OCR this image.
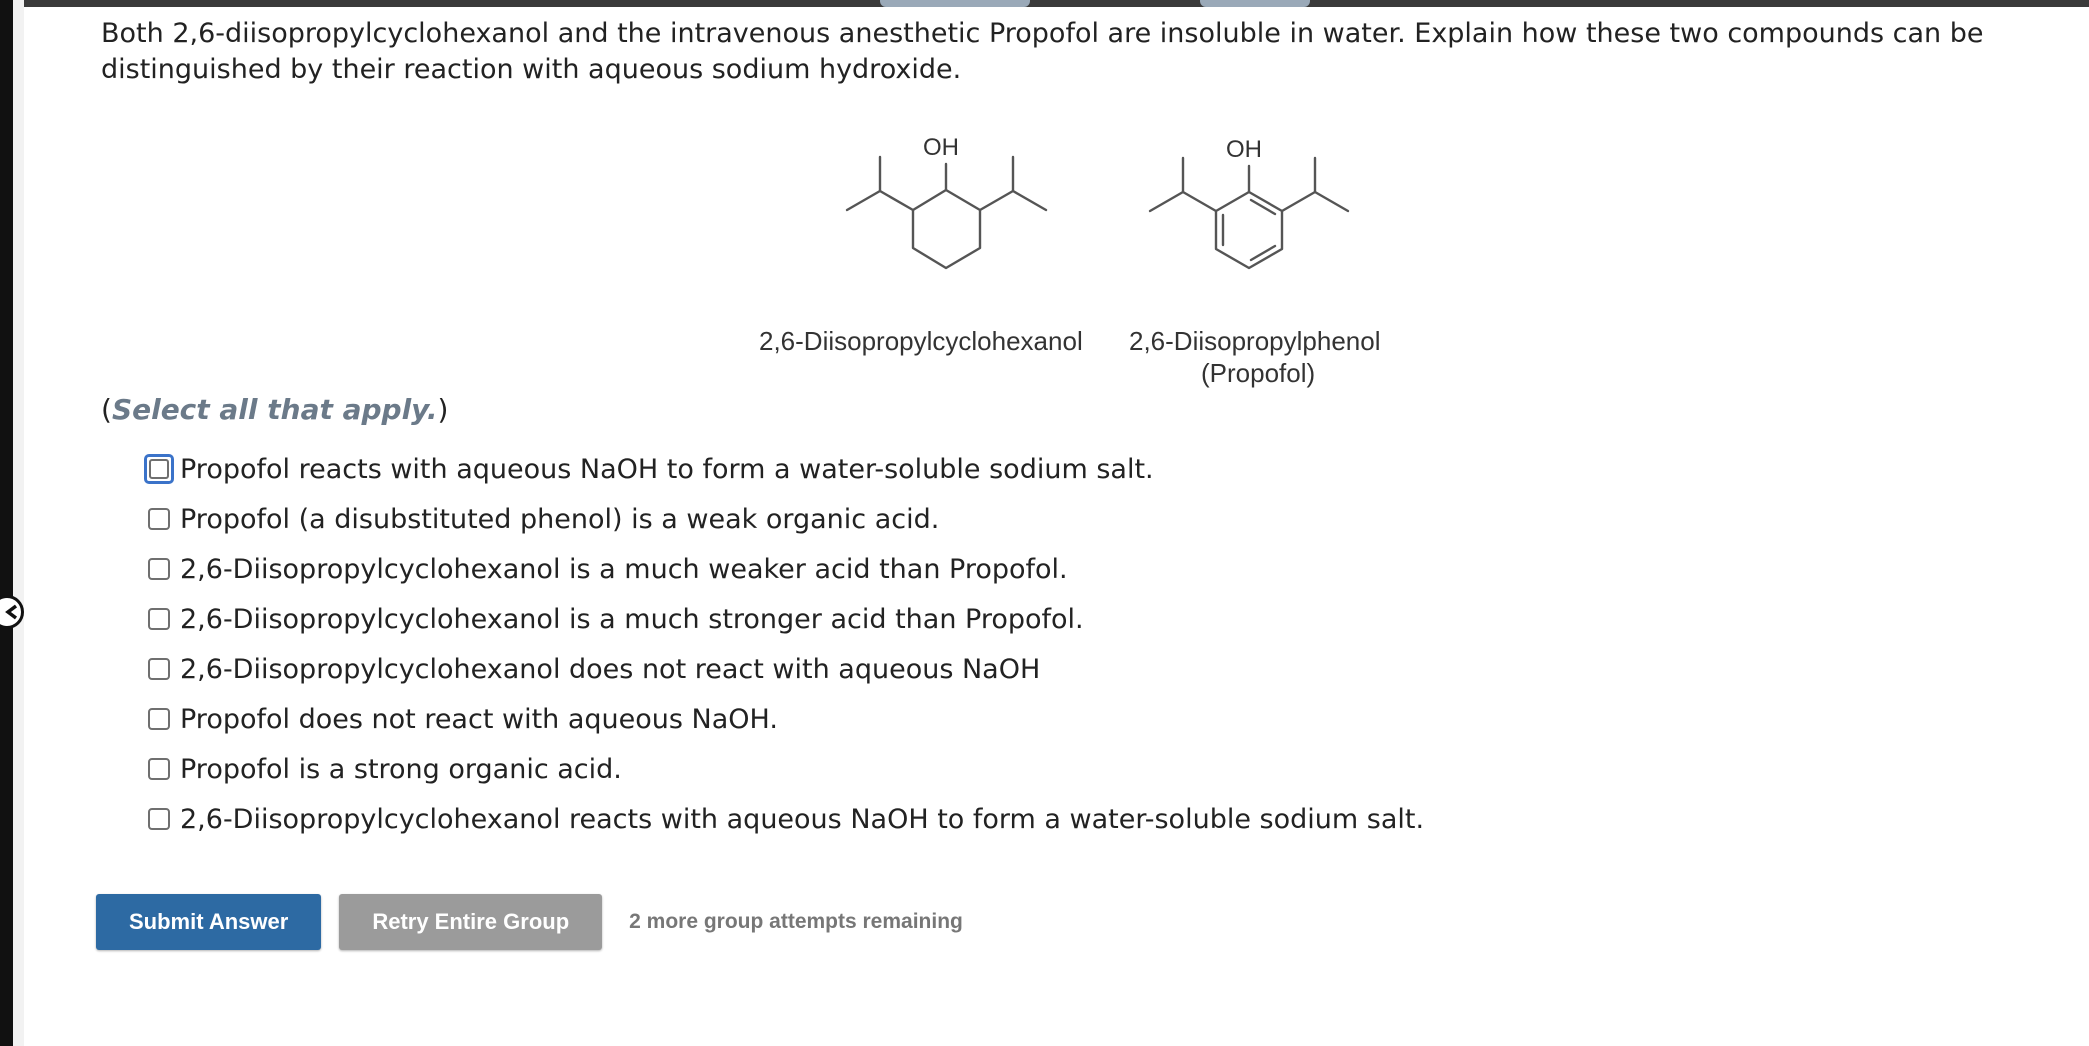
Both 2,6-diisopropylcyclohexanol and the intravenous anesthetic Propofol are insoluble in water. Explain how these two compounds can be distinguished by their reaction with aqueous sodium hydroxide.

OH	OH
2,6-Diisopropylcyclohexanol 2,6-Diisopropylphenol
(Propofol)
(Select all that apply.)
Propofol reacts with aqueous NaOH to form a water-soluble sodium salt.
Propofol (a disubstituted phenol) is a weak organic acid.
2,6-Diisopropylcyclohexanol is a much weaker acid than Propofol.
2,6-Diisopropylcyclohexanol is a much stronger acid than Propofol.
2,6-Diisopropylcyclohexanol does not react with aqueous NaOH
Propofol does not react with aqueous NaOH.
Propofol is a strong organic acid.
2,6-Diisopropylcyclohexanol reacts with aqueous NaOH to form a water-soluble sodium salt.
Submit Answer	Retry Entire Group	2 more group attempts remaining
